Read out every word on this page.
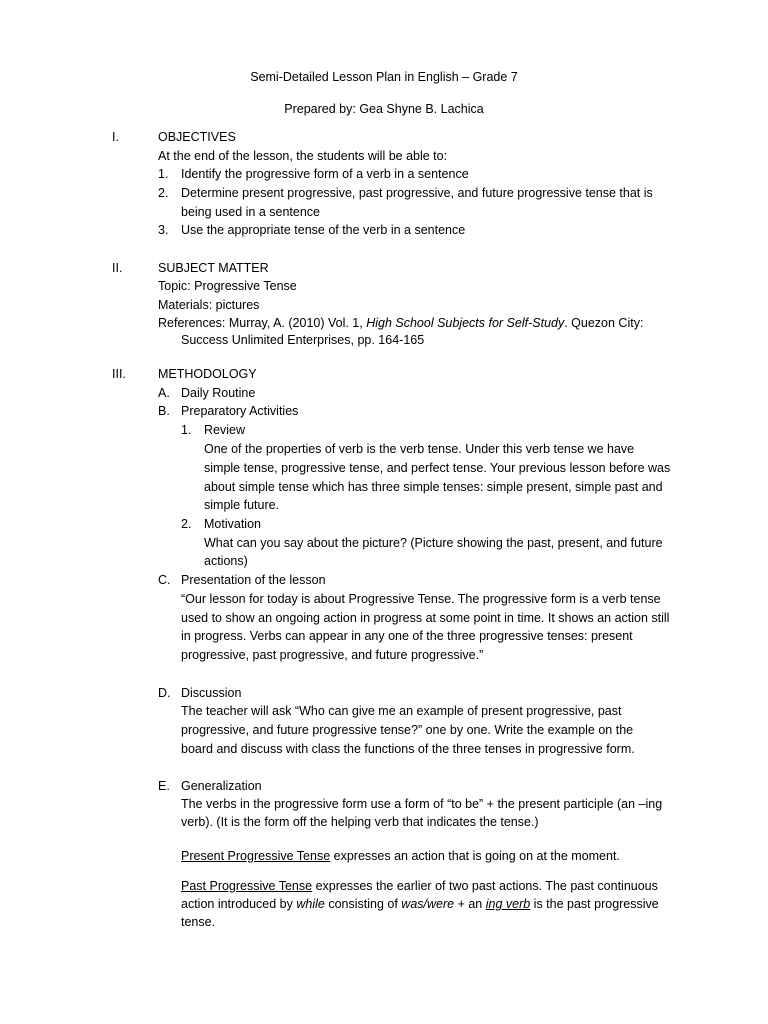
Semi-Detailed Lesson Plan in English – Grade 7
Prepared by: Gea Shyne B. Lachica
I.	OBJECTIVES
At the end of the lesson, the students will be able to:
1. Identify the progressive form of a verb in a sentence
2. Determine present progressive, past progressive, and future progressive tense that is
being used in a sentence
3. Use the appropriate tense of the verb in a sentence
II.	SUBJECT MATTER
Topic: Progressive Tense
Materials: pictures
References: Murray, A. (2010) Vol. 1, High School Subjects for Self-Study. Quezon City:
Success Unlimited Enterprises, pp. 164-165
III.	METHODOLOGY
A. Daily Routine
B. Preparatory Activities
1. Review
One of the properties of verb is the verb tense. Under this verb tense we have
simple tense, progressive tense, and perfect tense. Your previous lesson before was
about simple tense which has three simple tenses: simple present, simple past and
simple future.
2. Motivation
What can you say about the picture? (Picture showing the past, present, and future
actions)
C. Presentation of the lesson
“Our lesson for today is about Progressive Tense. The progressive form is a verb tense
used to show an ongoing action in progress at some point in time. It shows an action still
in progress. Verbs can appear in any one of the three progressive tenses: present
progressive, past progressive, and future progressive.”
D. Discussion
The teacher will ask “Who can give me an example of present progressive, past
progressive, and future progressive tense?” one by one. Write the example on the
board and discuss with class the functions of the three tenses in progressive form.
E. Generalization
The verbs in the progressive form use a form of “to be” + the present participle (an –ing
verb). (It is the form off the helping verb that indicates the tense.)
Present Progressive Tense expresses an action that is going on at the moment.
Past Progressive Tense expresses the earlier of two past actions. The past continuous
action introduced by while consisting of was/were + an ing verb is the past progressive
tense.
